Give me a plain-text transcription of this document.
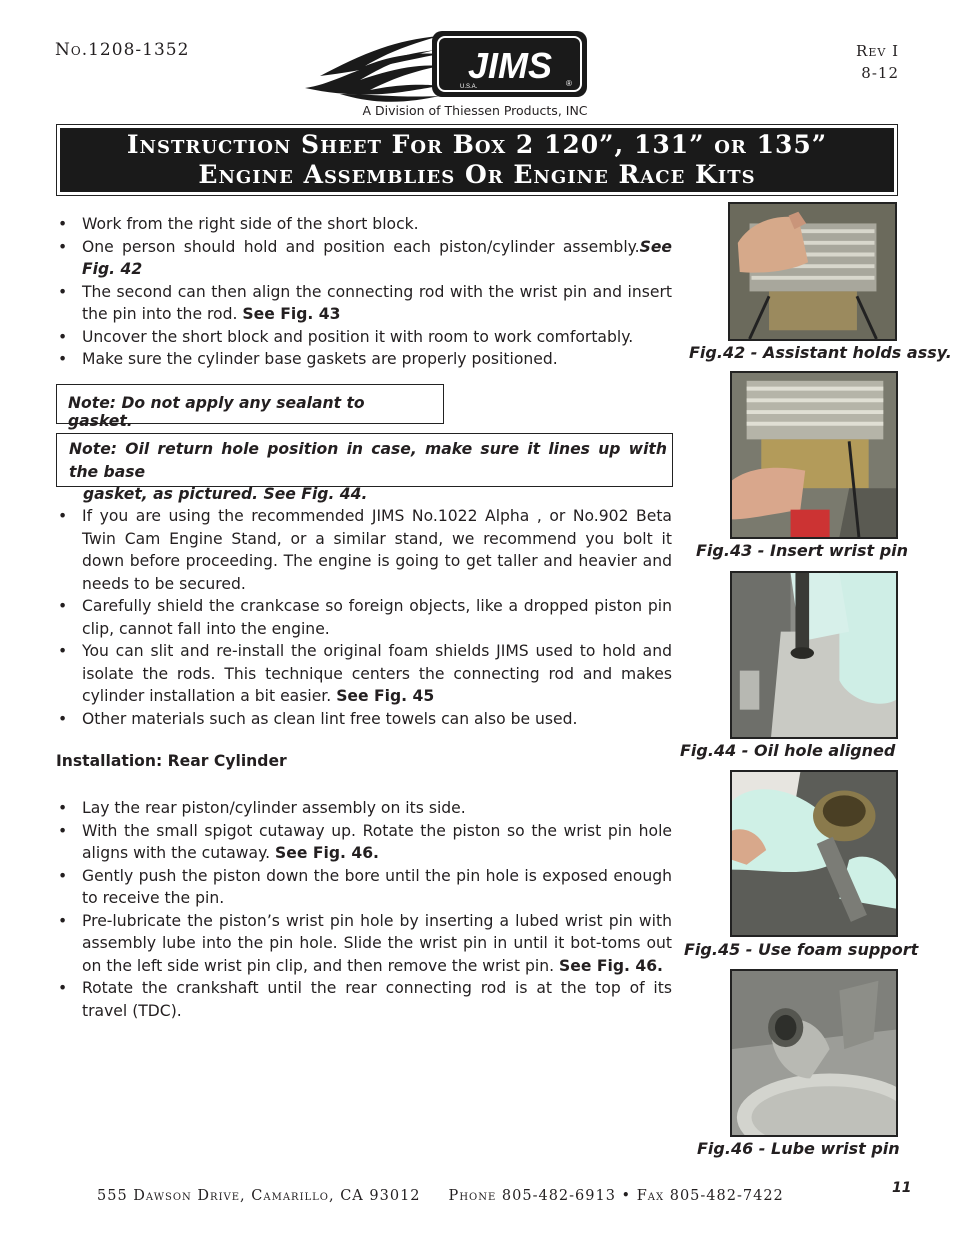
No.1208-1352	Rev I
8-12
JIMS
U.S.A.	®
A Division of Thiessen Products, INC
Instruction Sheet For Box 2 120”, 131” or 135”
Engine Assemblies Or Engine Race Kits
• Work from the right side of the short block.
• One person should hold and position each piston/cylinder assembly.See Fig. 42
• The second can then align the connecting rod with the wrist pin and insert the pin into the rod. See Fig. 43
• Uncover the short block and position it with room to work comfortably.
• Make sure the cylinder base gaskets are properly positioned.
Note: Do not apply any sealant to gasket.
Note: Oil return hole position in case, make sure it lines up with the base
gasket, as pictured. See Fig. 44.
• If you are using the recommended JIMS No.1022 Alpha , or No.902 Beta Twin Cam Engine Stand, or a similar stand, we recommend you bolt it down before proceeding. The engine is going to get taller and heavier and needs to be secured.
• Carefully shield the crankcase so foreign objects, like a dropped piston pin clip, cannot fall into the engine.
• You can slit and re-install the original foam shields JIMS used to hold and isolate the rods. This technique centers the connecting rod and makes cylinder installation a bit easier. See Fig. 45
• Other materials such as clean lint free towels can also be used.
Installation: Rear Cylinder
• Lay the rear piston/cylinder assembly on its side.
• With the small spigot cutaway up. Rotate the piston so the wrist pin hole aligns with the cutaway. See Fig. 46.
• Gently push the piston down the bore until the pin hole is exposed enough to receive the pin.
• Pre-lubricate the piston’s wrist pin hole by inserting a lubed wrist pin with assembly lube into the pin hole. Slide the wrist pin in until it bot-toms out on the left side wrist pin clip, and then remove the wrist pin. See Fig. 46.
• Rotate the crankshaft until the rear connecting rod is at the top of its travel (TDC).
Fig.42 - Assistant holds assy.
Fig.43 - Insert wrist pin
Fig.44 - Oil hole aligned
Fig.45 - Use foam support
Fig.46 - Lube wrist pin
555 Dawson Drive, Camarillo, CA 93012     Phone 805-482-6913 • Fax 805-482-7422	11
